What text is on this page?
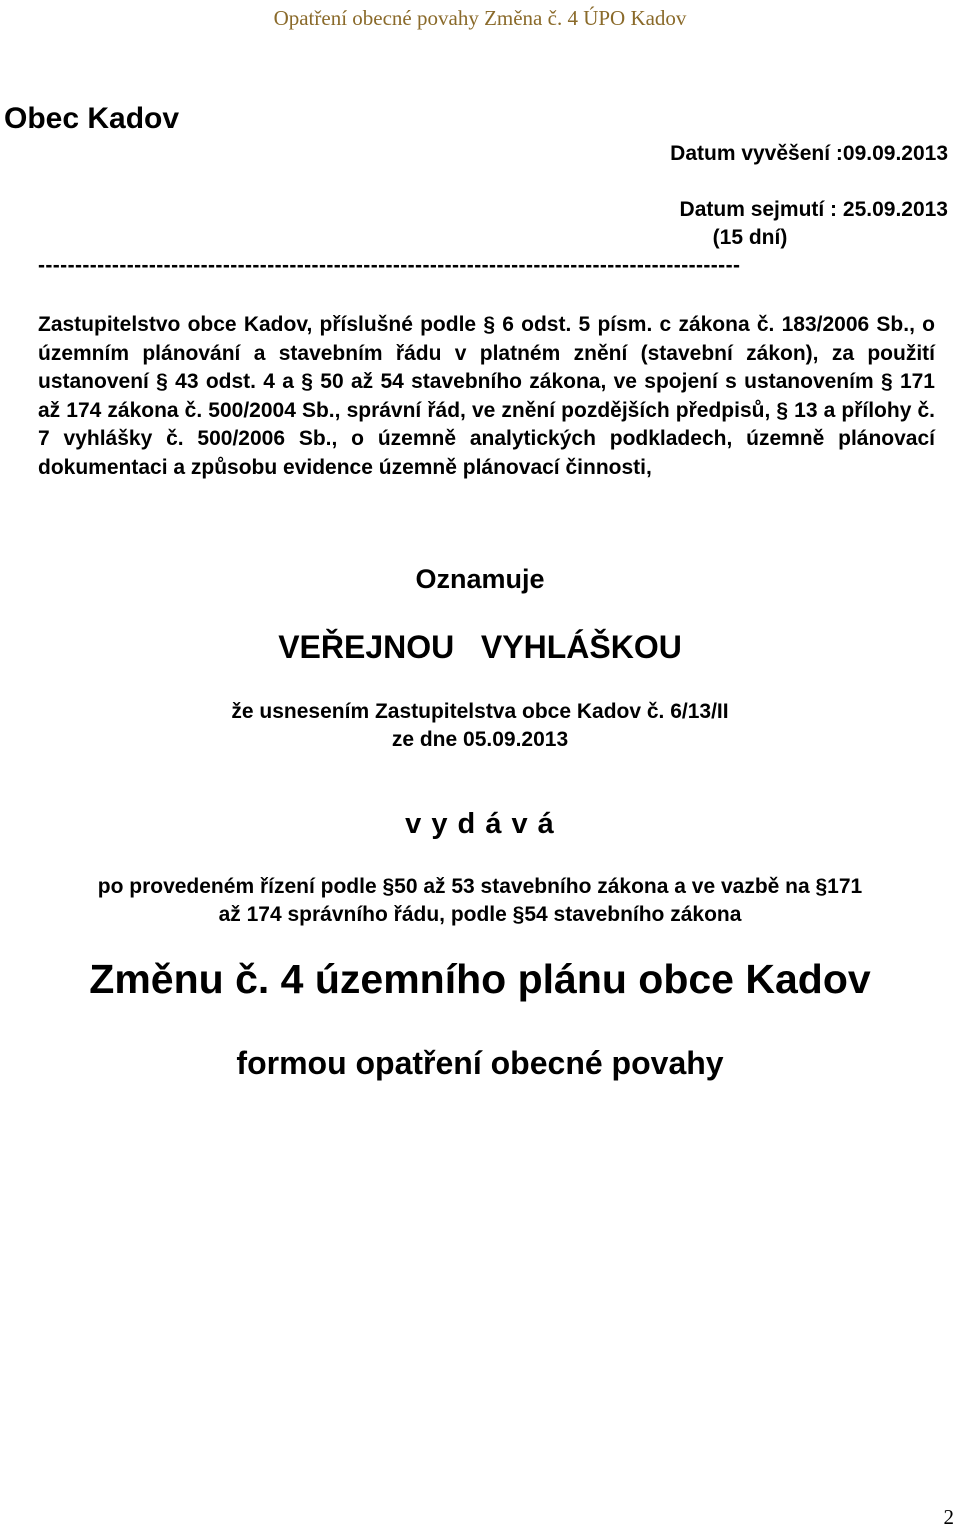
Opatření obecné povahy Změna č. 4 ÚPO Kadov
Obec Kadov
Datum vyvěšení :09.09.2013
Datum sejmutí : 25.09.2013
(15 dní)
-----------------------------------------------------------------------------------------------
Zastupitelstvo obce Kadov, příslušné podle § 6 odst. 5 písm. c zákona č. 183/2006 Sb., o územním plánování a stavebním řádu v platném znění (stavební zákon), za použití ustanovení § 43 odst. 4 a § 50 až 54 stavebního zákona, ve spojení s ustanovením § 171 až 174 zákona č. 500/2004 Sb., správní řád, ve znění pozdějších předpisů, § 13 a přílohy č. 7 vyhlášky č. 500/2006 Sb., o územně analytických podkladech, územně plánovací dokumentaci a způsobu evidence územně plánovací činnosti,
Oznamuje
VEŘEJNOU   VYHLÁŠKOU
že usnesením Zastupitelstva obce Kadov č. 6/13/II
ze dne 05.09.2013
v y d á v á
po provedeném řízení podle §50 až 53 stavebního zákona a ve vazbě na §171
až 174 správního řádu, podle §54 stavebního zákona
Změnu č. 4 územního plánu obce Kadov
formou opatření obecné povahy
2
